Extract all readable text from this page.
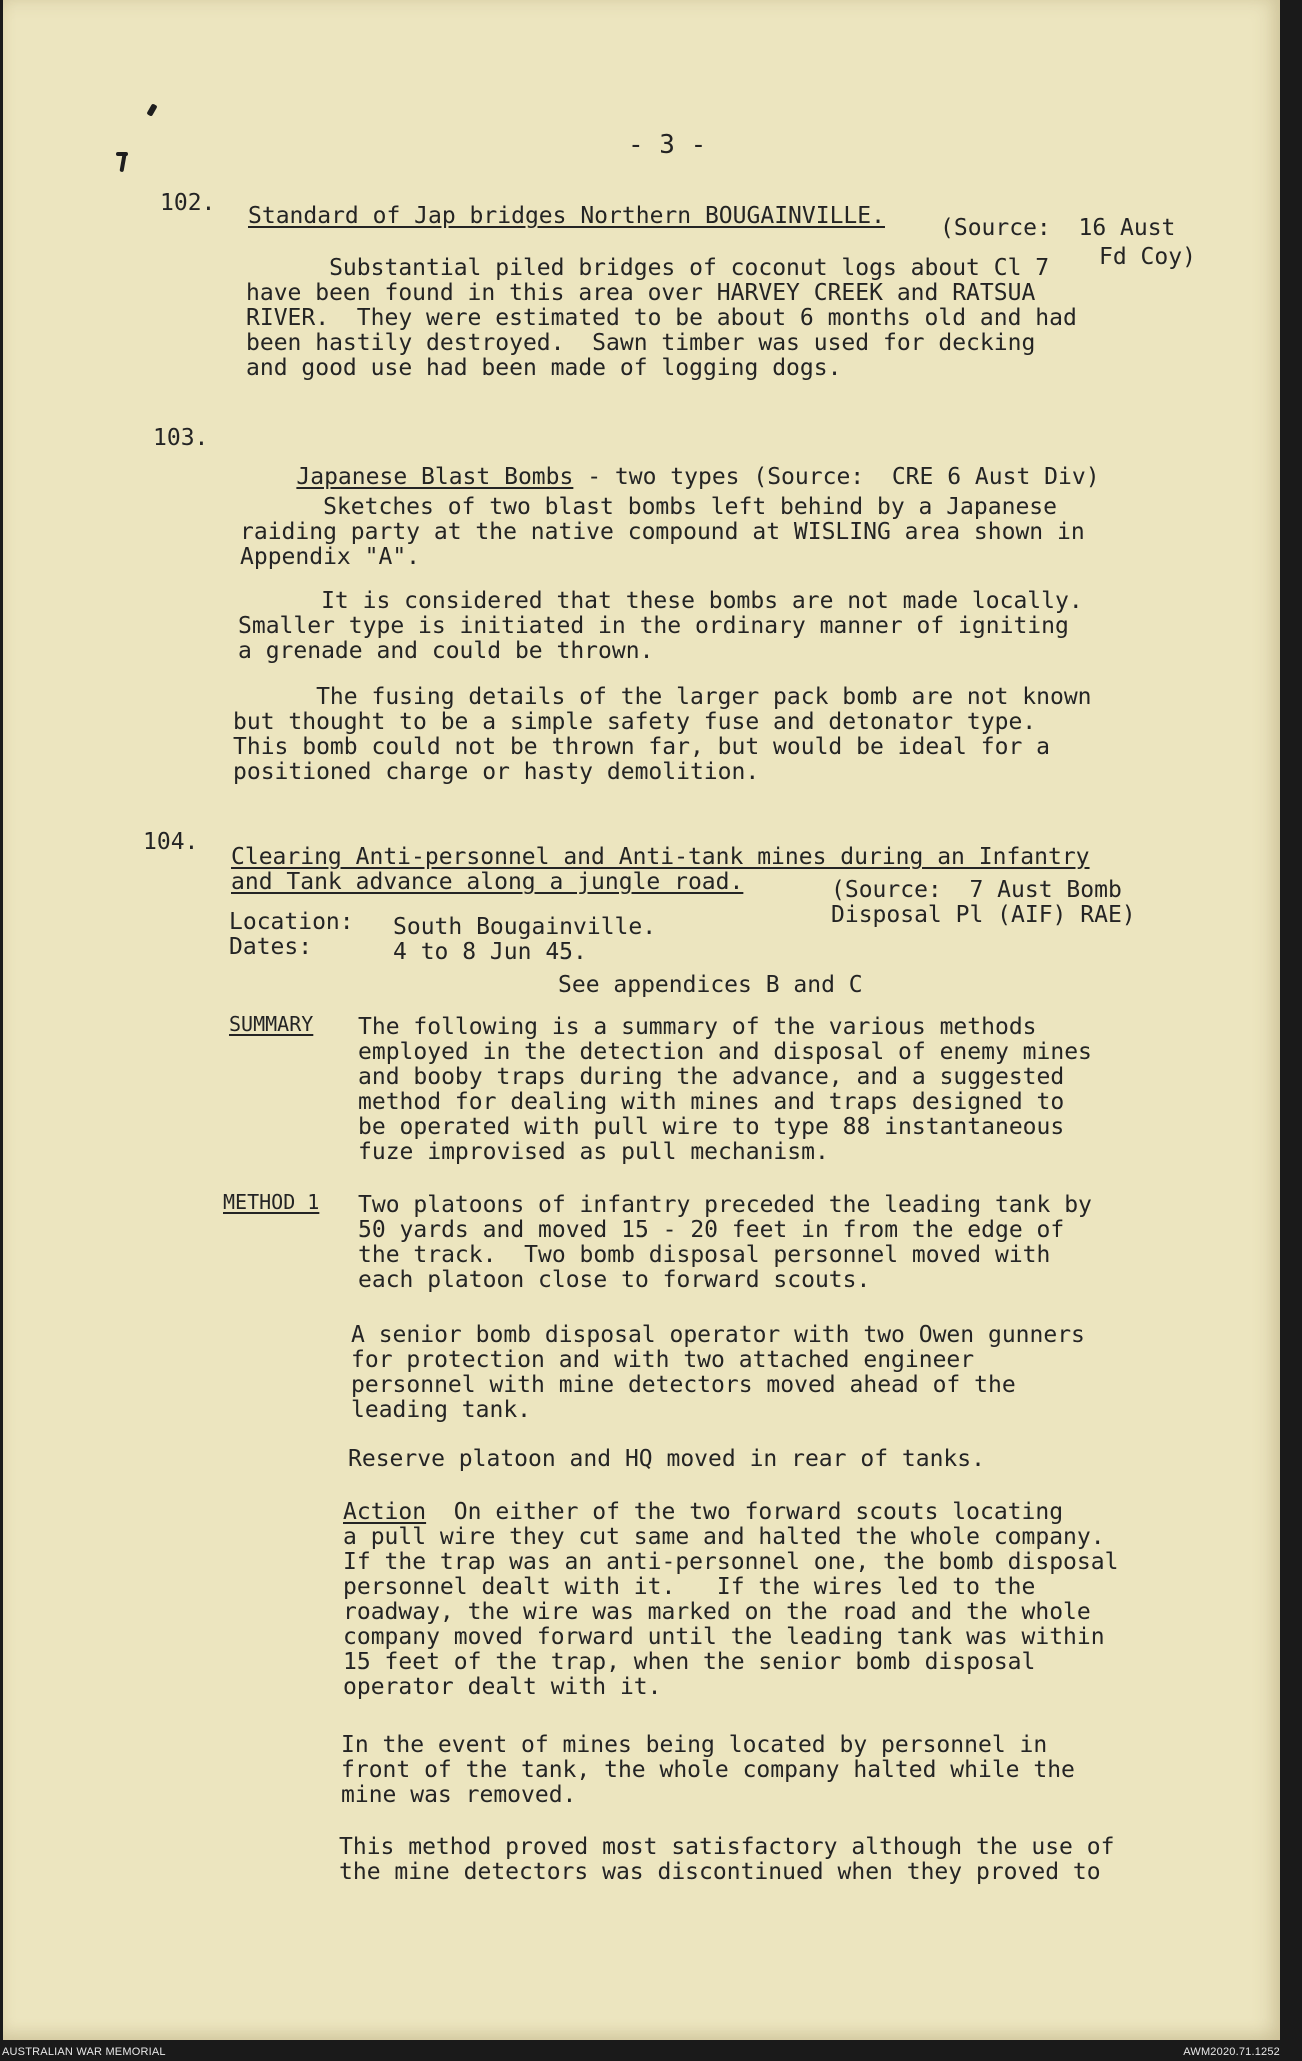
- 3 -
102. Standard of Jap bridges Northern BOUGAINVILLE. (Source:  16 Aust
Fd Coy)
Substantial piled bridges of coconut logs about Cl 7
have been found in this area over HARVEY CREEK and RATSUA
RIVER.  They were estimated to be about 6 months old and had
been hastily destroyed.  Sawn timber was used for decking
and good use had been made of logging dogs.
103.

Japanese Blast Bombs - two types (Source:  CRE 6 Aust Div)

Sketches of two blast bombs left behind by a Japanese
raiding party at the native compound at WISLING area shown in
Appendix "A".
It is considered that these bombs are not made locally.
Smaller type is initiated in the ordinary manner of igniting
a grenade and could be thrown.
The fusing details of the larger pack bomb are not known
but thought to be a simple safety fuse and detonator type.
This bomb could not be thrown far, but would be ideal for a
positioned charge or hasty demolition.
104.
Clearing Anti-personnel and Anti-tank mines during an Infantry
and Tank advance along a jungle road.	(Source:  7 Aust Bomb
Disposal Pl (AIF) RAE)
Location: South Bougainville.
Dates:	4 to 8 Jun 45.
See appendices B and C
SUMMARY The following is a summary of the various methods
employed in the detection and disposal of enemy mines
and booby traps during the advance, and a suggested
method for dealing with mines and traps designed to
be operated with pull wire to type 88 instantaneous
fuze improvised as pull mechanism.
METHOD 1 Two platoons of infantry preceded the leading tank by
50 yards and moved 15 - 20 feet in from the edge of
the track.  Two bomb disposal personnel moved with
each platoon close to forward scouts.
A senior bomb disposal operator with two Owen gunners
for protection and with two attached engineer
personnel with mine detectors moved ahead of the
leading tank.
Reserve platoon and HQ moved in rear of tanks.
Action  On either of the two forward scouts locating
a pull wire they cut same and halted the whole company.
If the trap was an anti-personnel one, the bomb disposal
personnel dealt with it.   If the wires led to the
roadway, the wire was marked on the road and the whole
company moved forward until the leading tank was within
15 feet of the trap, when the senior bomb disposal
operator dealt with it.
In the event of mines being located by personnel in
front of the tank, the whole company halted while the
mine was removed.
This method proved most satisfactory although the use of
the mine detectors was discontinued when they proved to
AUSTRALIAN WAR MEMORIAL	AWM2020.71.1252
